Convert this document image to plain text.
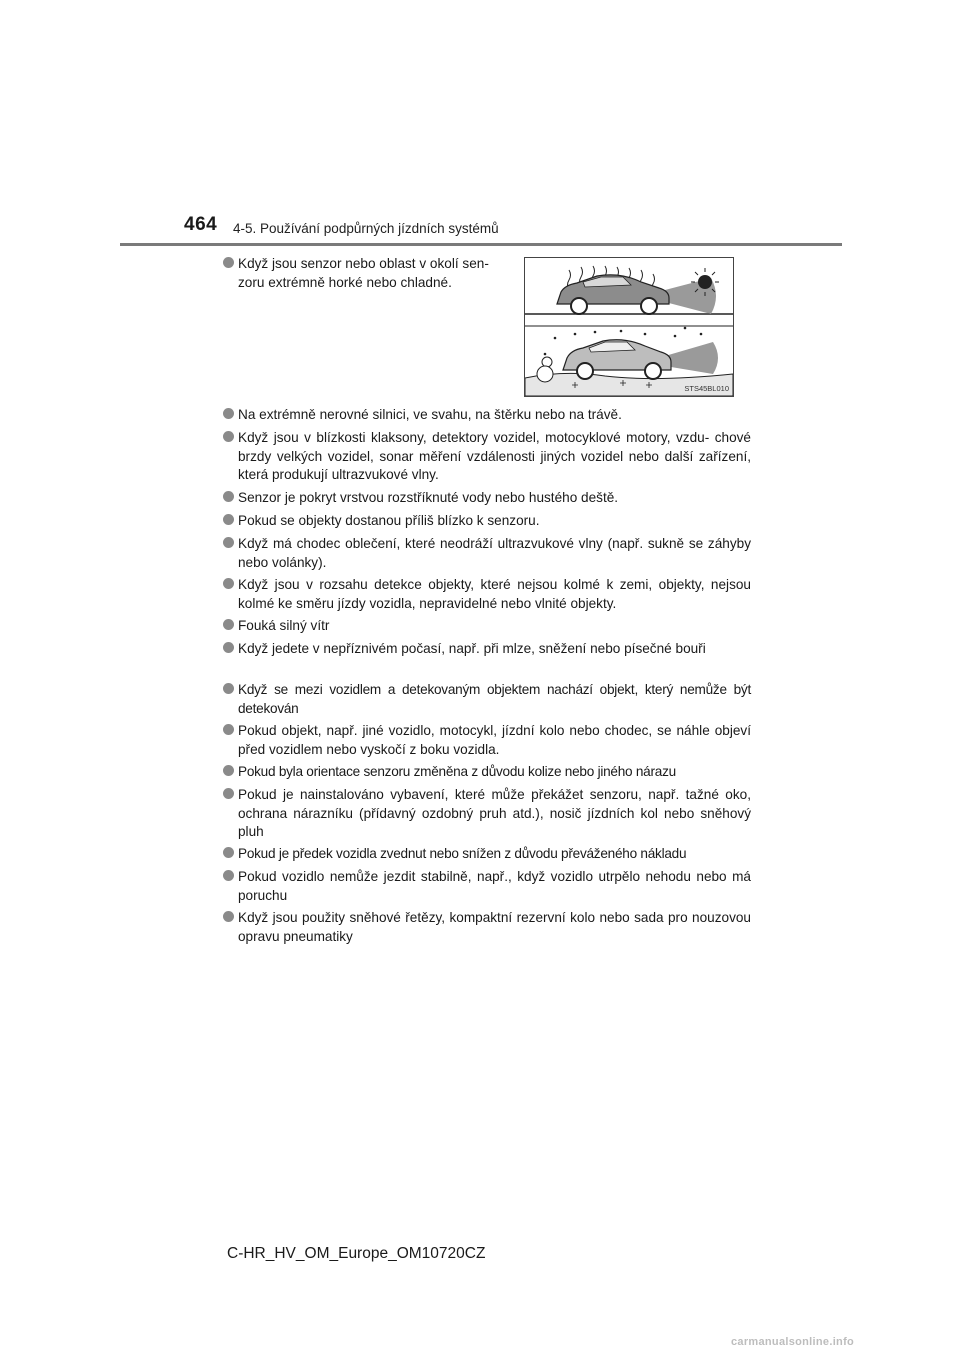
464 4-5. Používání podpůrných jízdních systémů
STS45BL010
Když jsou senzor nebo oblast v okolí sen- zoru extrémně horké nebo chladné.
Na extrémně nerovné silnici, ve svahu, na štěrku nebo na trávě.
Když jsou v blízkosti klaksony, detektory vozidel, motocyklové motory, vzdu- chové brzdy velkých vozidel, sonar měření vzdálenosti jiných vozidel nebo další zařízení, která produkují ultrazvukové vlny.
Senzor je pokryt vrstvou rozstříknuté vody nebo hustého deště.
Pokud se objekty dostanou příliš blízko k senzoru.
Když má chodec oblečení, které neodráží ultrazvukové vlny (např. sukně se záhyby nebo volánky).
Když jsou v rozsahu detekce objekty, které nejsou kolmé k zemi, objekty, nejsou kolmé ke směru jízdy vozidla, nepravidelné nebo vlnité objekty.
Fouká silný vítr
Když jedete v nepříznivém počasí, např. při mlze, sněžení nebo písečné bouři
Když se mezi vozidlem a detekovaným objektem nachází objekt, který nemůže být detekován
Pokud objekt, např. jiné vozidlo, motocykl, jízdní kolo nebo chodec, se náhle objeví před vozidlem nebo vyskočí z boku vozidla.
Pokud byla orientace senzoru změněna z důvodu kolize nebo jiného nárazu
Pokud je nainstalováno vybavení, které může překážet senzoru, např. tažné oko, ochrana nárazníku (přídavný ozdobný pruh atd.), nosič jízdních kol nebo sněhový pluh
Pokud je předek vozidla zvednut nebo snížen z důvodu převáženého nákladu
Pokud vozidlo nemůže jezdit stabilně, např., když vozidlo utrpělo nehodu nebo má poruchu
Když jsou použity sněhové řetězy, kompaktní rezervní kolo nebo sada pro nouzovou opravu pneumatiky
C-HR_HV_OM_Europe_OM10720CZ
carmanualsonline.info
